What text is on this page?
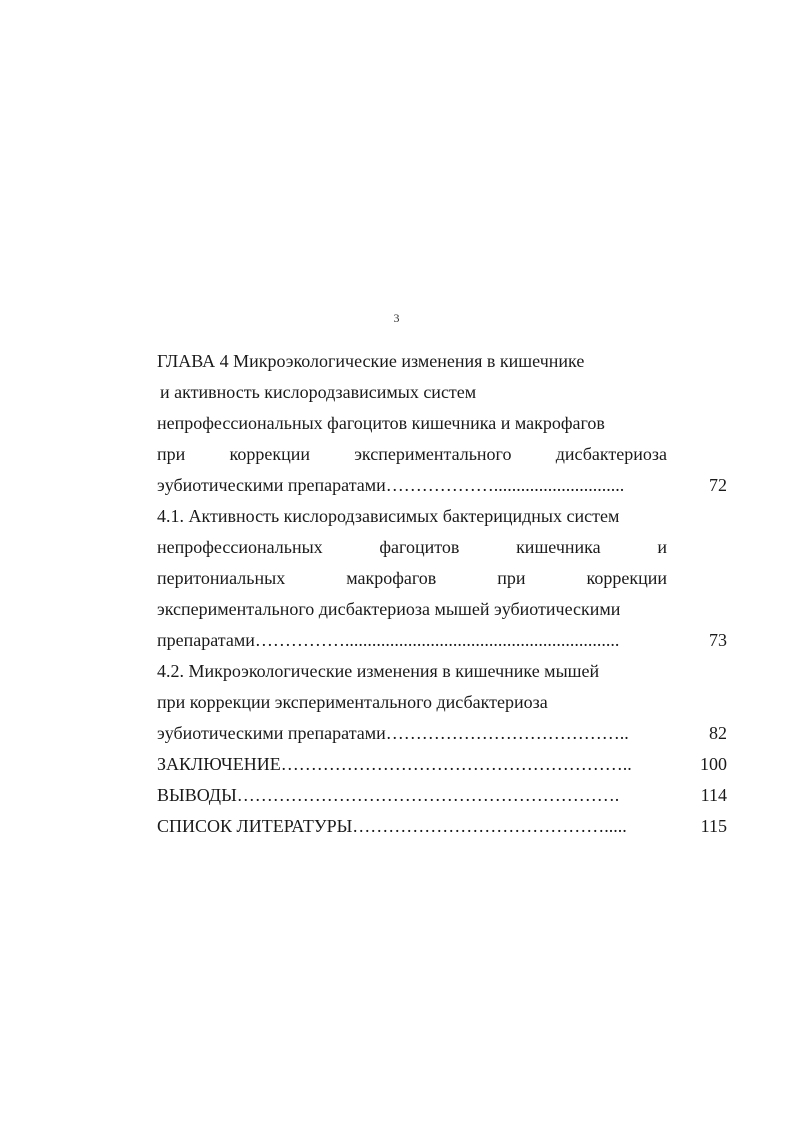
3
ГЛАВА 4 Микроэкологические изменения в кишечнике
и активность кислородзависимых систем
непрофессиональных фагоцитов кишечника и макрофагов
при коррекции экспериментального дисбактериоза
эубиотическими препаратами……………….............................	72
4.1. Активность кислородзависимых бактерицидных систем
непрофессиональных	фагоцитов	кишечника	и
перитониальных	макрофагов	при	коррекции
экспериментального дисбактериоза мышей эубиотическими
препаратами…………….............................................................	73
4.2. Микроэкологические изменения в кишечнике мышей
при коррекции экспериментального дисбактериоза
эубиотическими препаратами…………………………………..	82
ЗАКЛЮЧЕНИЕ…………………………………………………..	100
ВЫВОДЫ……………………………………………………….	114
СПИСОК ЛИТЕРАТУРЫ…………………………………….....	115
